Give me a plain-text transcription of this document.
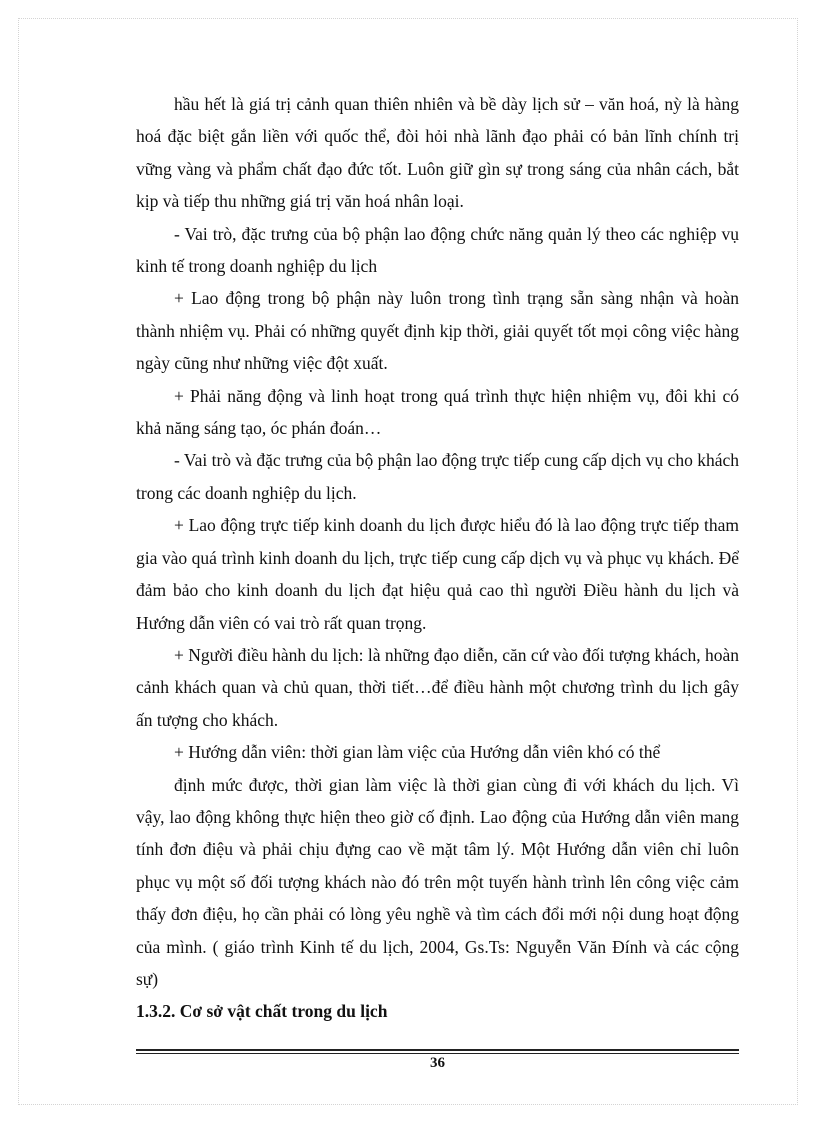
hầu hết là giá trị cảnh quan thiên nhiên và bề dày lịch sử – văn hoá, nỳ là hàng hoá đặc biệt gắn liền với quốc thể, đòi hỏi nhà lãnh đạo phải có bản lĩnh chính trị vững vàng và phẩm chất đạo đức tốt. Luôn giữ gìn sự trong sáng của nhân cách, bắt kịp và tiếp thu những giá trị văn hoá nhân loại.

- Vai trò, đặc trưng của bộ phận lao động chức năng quản lý theo các nghiệp vụ kinh tế trong doanh nghiệp du lịch

+ Lao động trong bộ phận này luôn trong tình trạng sẵn sàng nhận và hoàn thành nhiệm vụ. Phải có những quyết định kịp thời, giải quyết tốt mọi công việc hàng ngày cũng như những việc đột xuất.

+ Phải năng động và linh hoạt trong quá trình thực hiện nhiệm vụ, đôi khi có khả năng sáng tạo, óc phán đoán…

- Vai trò và đặc trưng của bộ phận lao động trực tiếp cung cấp dịch vụ cho khách trong các doanh nghiệp du lịch.

+ Lao động trực tiếp kinh doanh du lịch được hiểu đó là lao động trực tiếp tham gia vào quá trình kinh doanh du lịch, trực tiếp cung cấp dịch vụ và phục vụ khách. Để đảm bảo cho kinh doanh du lịch đạt hiệu quả cao thì người Điều hành du lịch và Hướng dẫn viên có vai trò rất quan trọng.

+ Người điều hành du lịch: là những đạo diễn, căn cứ vào đối tượng khách, hoàn cảnh khách quan và chủ quan, thời tiết…để điều hành một chương trình du lịch gây ấn tượng cho khách.

+ Hướng dẫn viên: thời gian làm việc của Hướng dẫn viên khó có thể

định mức được, thời gian làm việc là thời gian cùng đi với khách du lịch. Vì vậy, lao động không thực hiện theo giờ cố định. Lao động của Hướng dẫn viên mang tính đơn điệu và phải chịu đựng cao về mặt tâm lý. Một Hướng dẫn viên chỉ luôn phục vụ một số đối tượng khách nào đó trên một tuyến hành trình lên công việc cảm thấy đơn điệu, họ cần phải có lòng yêu nghề và tìm cách đổi mới nội dung hoạt động của mình. ( giáo trình Kinh tế du lịch, 2004, Gs.Ts: Nguyễn Văn Đính và các cộng sự)

1.3.2. Cơ sở vật chất trong du lịch

36
